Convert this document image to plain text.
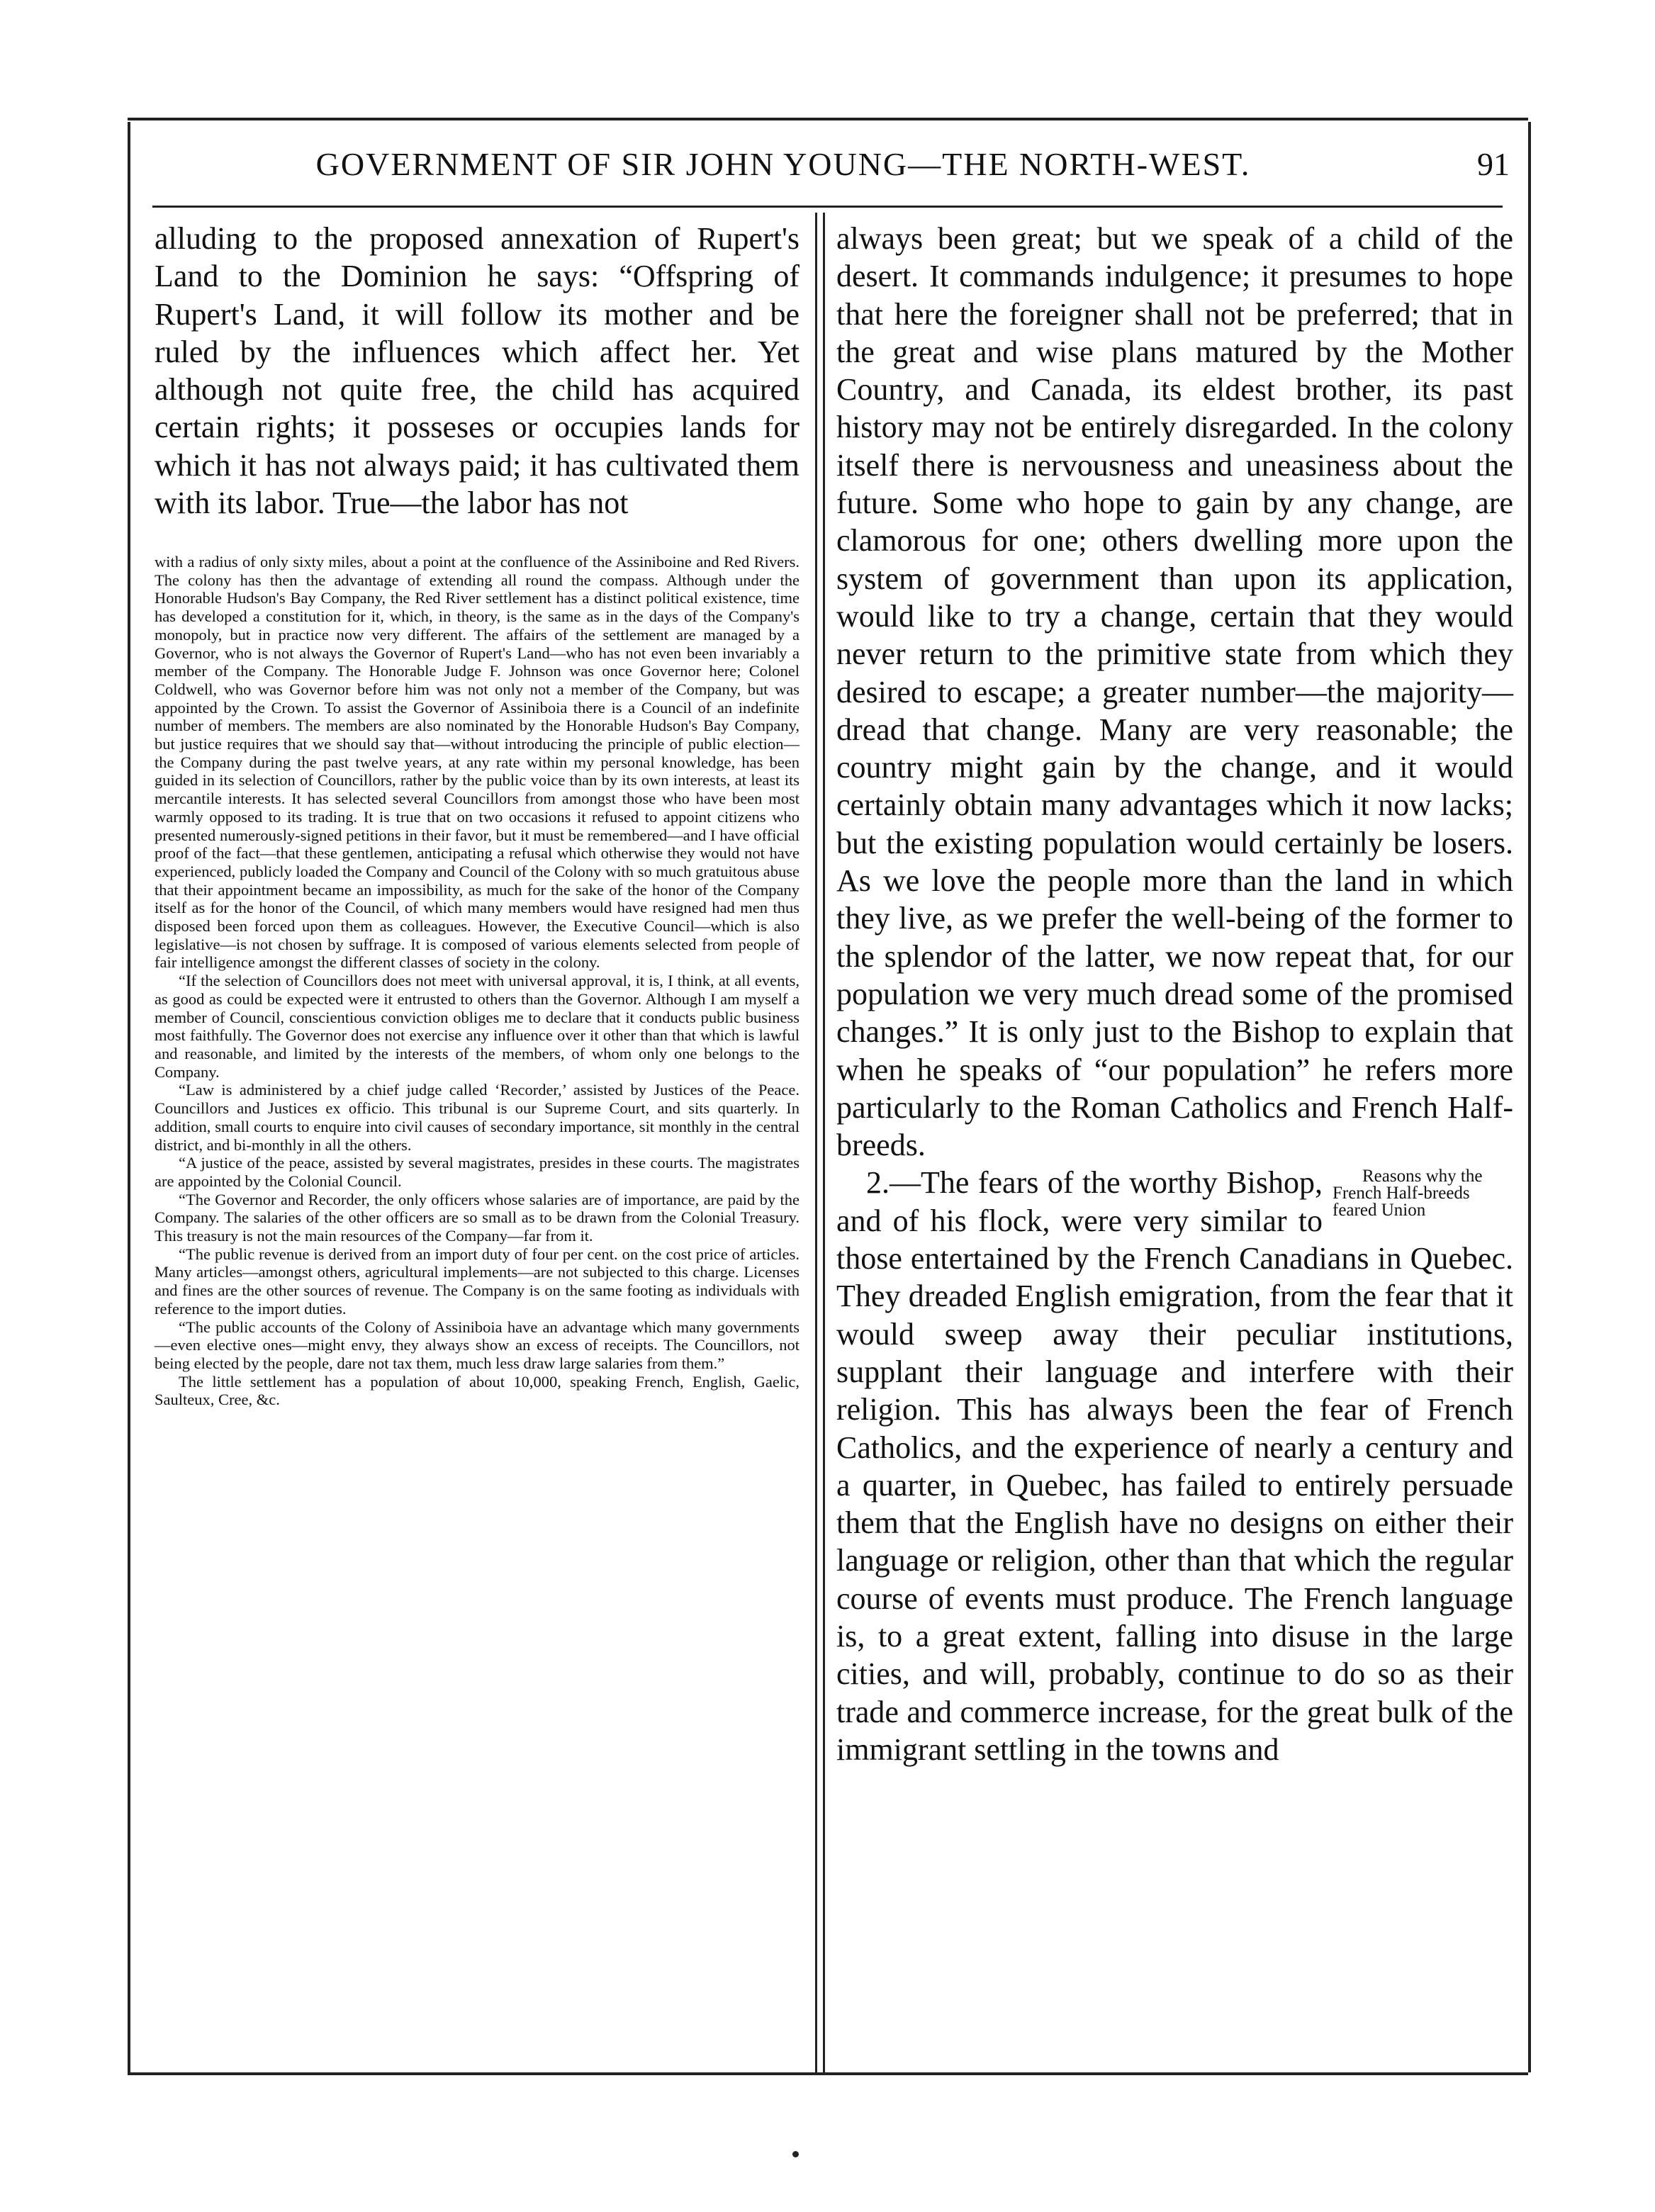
GOVERNMENT OF SIR JOHN YOUNG—THE NORTH-WEST.	91

alluding to the proposed annexation of Rupert's Land to the Dominion he says: “Offspring of Rupert's Land, it will follow its mother and be ruled by the influences which affect her. Yet although not quite free, the child has acquired certain rights; it posseses or occupies lands for which it has not always paid; it has cultivated them with its labor. True—the labor has not

with a radius of only sixty miles, about a point at the confluence of the Assiniboine and Red Rivers. The colony has then the advantage of extending all round the compass. Although under the Honorable Hudson's Bay Company, the Red River settlement has a distinct political existence, time has developed a constitution for it, which, in theory, is the same as in the days of the Company's monopoly, but in practice now very different. The affairs of the settlement are managed by a Governor, who is not always the Governor of Rupert's Land—who has not even been invariably a member of the Company. The Honorable Judge F. Johnson was once Governor here; Colonel Coldwell, who was Governor before him was not only not a member of the Company, but was appointed by the Crown. To assist the Governor of Assiniboia there is a Council of an indefinite number of members. The members are also nominated by the Honorable Hudson's Bay Company, but justice requires that we should say that—without introducing the principle of public election—the Company during the past twelve years, at any rate within my personal knowledge, has been guided in its selection of Councillors, rather by the public voice than by its own interests, at least its mercantile interests. It has selected several Councillors from amongst those who have been most warmly opposed to its trading. It is true that on two occasions it refused to appoint citizens who presented numerously-signed petitions in their favor, but it must be remembered—and I have official proof of the fact—that these gentlemen, anticipating a refusal which otherwise they would not have experienced, publicly loaded the Company and Council of the Colony with so much gratuitous abuse that their appointment became an impossibility, as much for the sake of the honor of the Company itself as for the honor of the Council, of which many members would have resigned had men thus disposed been forced upon them as colleagues. However, the Executive Council—which is also legislative—is not chosen by suffrage. It is composed of various elements selected from people of fair intelligence amongst the different classes of society in the colony.

“If the selection of Councillors does not meet with universal approval, it is, I think, at all events, as good as could be expected were it entrusted to others than the Governor. Although I am myself a member of Council, conscientious conviction obliges me to declare that it conducts public business most faithfully. The Governor does not exercise any influence over it other than that which is lawful and reasonable, and limited by the interests of the members, of whom only one belongs to the Company.

“Law is administered by a chief judge called ‘Recorder,’ assisted by Justices of the Peace. Councillors and Justices ex officio. This tribunal is our Supreme Court, and sits quarterly. In addition, small courts to enquire into civil causes of secondary importance, sit monthly in the central district, and bi-monthly in all the others.

“A justice of the peace, assisted by several magistrates, presides in these courts. The magistrates are appointed by the Colonial Council.

“The Governor and Recorder, the only officers whose salaries are of importance, are paid by the Company. The salaries of the other officers are so small as to be drawn from the Colonial Treasury. This treasury is not the main resources of the Company—far from it.

“The public revenue is derived from an import duty of four per cent. on the cost price of articles. Many articles—amongst others, agricultural implements—are not subjected to this charge. Licenses and fines are the other sources of revenue. The Company is on the same footing as individuals with reference to the import duties.

“The public accounts of the Colony of Assiniboia have an advantage which many governments—even elective ones—might envy, they always show an excess of receipts. The Councillors, not being elected by the people, dare not tax them, much less draw large salaries from them.”

The little settlement has a population of about 10,000, speaking French, English, Gaelic, Saulteux, Cree, &c.

always been great; but we speak of a child of the desert. It commands indulgence; it presumes to hope that here the foreigner shall not be preferred; that in the great and wise plans matured by the Mother Country, and Canada, its eldest brother, its past history may not be entirely disregarded. In the colony itself there is nervousness and uneasiness about the future. Some who hope to gain by any change, are clamorous for one; others dwelling more upon the system of government than upon its application, would like to try a change, certain that they would never return to the primitive state from which they desired to escape; a greater number—the majority—dread that change. Many are very reasonable; the country might gain by the change, and it would certainly obtain many advantages which it now lacks; but the existing population would certainly be losers. As we love the people more than the land in which they live, as we prefer the well-being of the former to the splendor of the latter, we now repeat that, for our population we very much dread some of the promised changes.” It is only just to the Bishop to explain that when he speaks of “our population” he refers more particularly to the Roman Catholics and French Half-breeds.

Reasons why the French Half-breeds feared Union
2.—The fears of the worthy Bishop, and of his flock, were very similar to those entertained by the French Canadians in Quebec. They dreaded English emigration, from the fear that it would sweep away their peculiar institutions, supplant their language and interfere with their religion. This has always been the fear of French Catholics, and the experience of nearly a century and a quarter, in Quebec, has failed to entirely persuade them that the English have no designs on either their language or religion, other than that which the regular course of events must produce. The French language is, to a great extent, falling into disuse in the large cities, and will, probably, continue to do so as their trade and commerce increase, for the great bulk of the immigrant settling in the towns and
